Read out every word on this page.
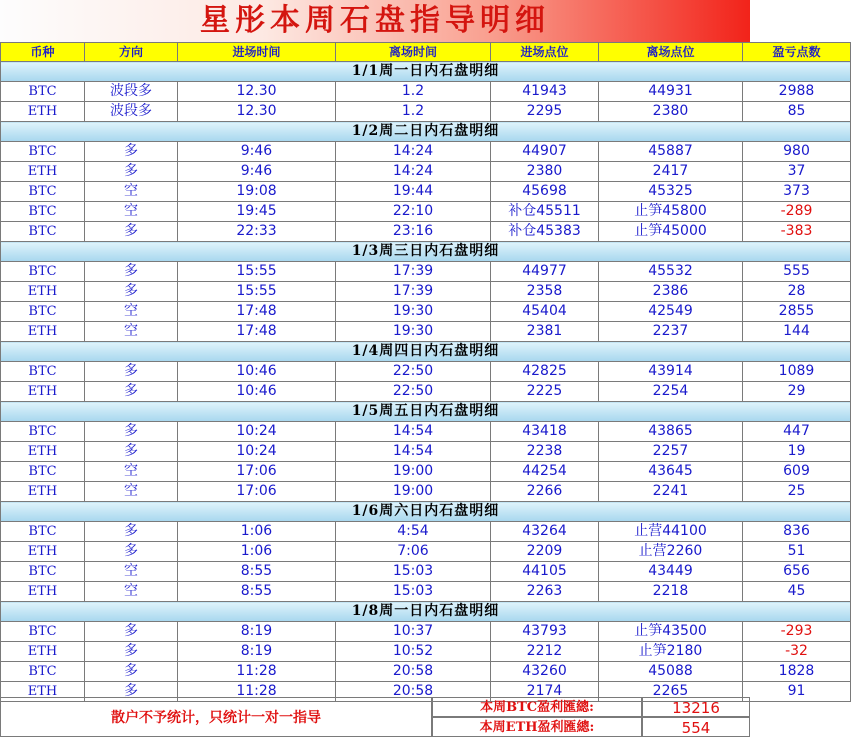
星彤本周石盘指导明细
币种	方向	进场时间	离场时间	进场点位	离场点位	盈亏点数
1/1周一日内石盘明细						
BTC	波段多	12.30	1.2	41943	44931	2988
ETH	波段多	12.30	1.2	2295	2380	85
1/2周二日内石盘明细						
BTC	多	9:46	14:24	44907	45887	980
ETH	多	9:46	14:24	2380	2417	37
BTC	空	19:08	19:44	45698	45325	373
BTC	空	19:45	22:10	补仓45511	止笋45800	-289
BTC	多	22:33	23:16	补仓45383	止笋45000	-383
1/3周三日内石盘明细						
BTC	多	15:55	17:39	44977	45532	555
ETH	多	15:55	17:39	2358	2386	28
BTC	空	17:48	19:30	45404	42549	2855
ETH	空	17:48	19:30	2381	2237	144
1/4周四日内石盘明细						
BTC	多	10:46	22:50	42825	43914	1089
ETH	多	10:46	22:50	2225	2254	29
1/5周五日内石盘明细						
BTC	多	10:24	14:54	43418	43865	447
ETH	多	10:24	14:54	2238	2257	19
BTC	空	17:06	19:00	44254	43645	609
ETH	空	17:06	19:00	2266	2241	25
1/6周六日内石盘明细						
BTC	多	1:06	4:54	43264	止营44100	836
ETH	多	1:06	7:06	2209	止营2260	51
BTC	空	8:55	15:03	44105	43449	656
ETH	空	8:55	15:03	2263	2218	45
1/8周一日内石盘明细						
BTC	多	8:19	10:37	43793	止笋43500	-293
ETH	多	8:19	10:52	2212	止笋2180	-32
BTC	多	11:28	20:58	43260	45088	1828
ETH	多	11:28	20:58	2174	2265	91
散户不予统计，只统计一对一指导
本周BTC盈利匯總:	13216
本周ETH盈利匯總:	554
